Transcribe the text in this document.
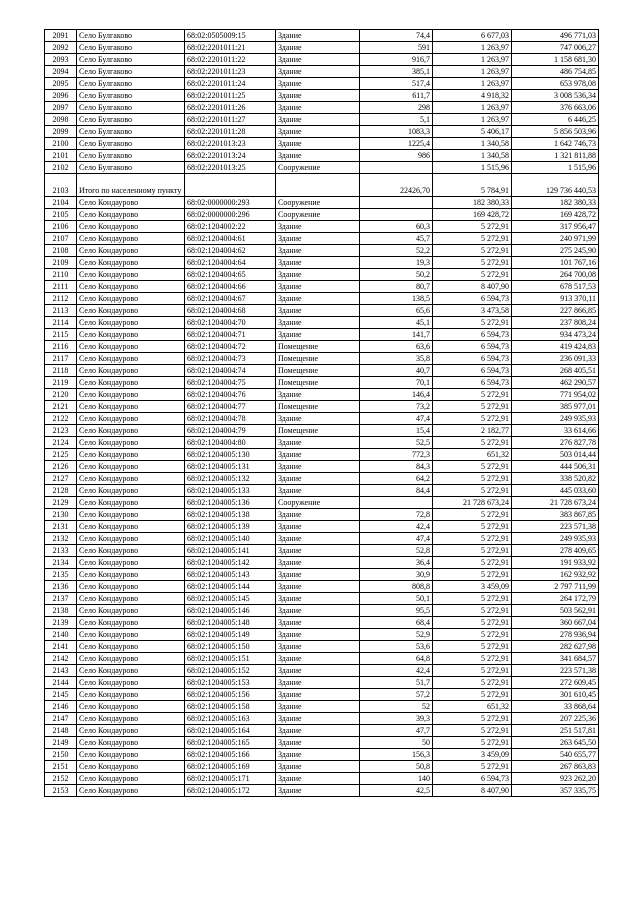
2091	Село Булгаково	68:02:0505009:15	Здание	74,4	6 677,03	496 771,03
2092	Село Булгаково	68:02:2201011:21	Здание	591	1 263,97	747 006,27
2093	Село Булгаково	68:02:2201011:22	Здание	916,7	1 263,97	1 158 681,30
2094	Село Булгаково	68:02:2201011:23	Здание	385,1	1 263,97	486 754,85
2095	Село Булгаково	68:02:2201011:24	Здание	517,4	1 263,97	653 978,08
2096	Село Булгаково	68:02:2201011:25	Здание	611,7	4 918,32	3 008 536,34
2097	Село Булгаково	68:02:2201011:26	Здание	298	1 263,97	376 663,06
2098	Село Булгаково	68:02:2201011:27	Здание	5,1	1 263,97	6 446,25
2099	Село Булгаково	68:02:2201011:28	Здание	1083,3	5 406,17	5 856 503,96
2100	Село Булгаково	68:02:2201013:23	Здание	1225,4	1 340,58	1 642 746,73
2101	Село Булгаково	68:02:2201013:24	Здание	986	1 340,58	1 321 811,88
2102	Село Булгаково	68:02:2201013:25	Сооружение		1 515,96	1 515,96
2103	Итого по населенному пункту			22426,70	5 784,91	129 736 440,53
2104	Село Кондаурово	68:02:0000000:293	Сооружение		182 380,33	182 380,33
2105	Село Кондаурово	68:02:0000000:296	Сооружение		169 428,72	169 428,72
2106	Село Кондаурово	68:02:1204002:22	Здание	60,3	5 272,91	317 956,47
2107	Село Кондаурово	68:02:1204004:61	Здание	45,7	5 272,91	240 971,99
2108	Село Кондаурово	68:02:1204004:62	Здание	52,2	5 272,91	275 245,90
2109	Село Кондаурово	68:02:1204004:64	Здание	19,3	5 272,91	101 767,16
2110	Село Кондаурово	68:02:1204004:65	Здание	50,2	5 272,91	264 700,08
2111	Село Кондаурово	68:02:1204004:66	Здание	80,7	8 407,90	678 517,53
2112	Село Кондаурово	68:02:1204004:67	Здание	138,5	6 594,73	913 370,11
2113	Село Кондаурово	68:02:1204004:68	Здание	65,6	3 473,58	227 866,85
2114	Село Кондаурово	68:02:1204004:70	Здание	45,1	5 272,91	237 808,24
2115	Село Кондаурово	68:02:1204004:71	Здание	141,7	6 594,73	934 473,24
2116	Село Кондаурово	68:02:1204004:72	Помещение	63,6	6 594,73	419 424,83
2117	Село Кондаурово	68:02:1204004:73	Помещение	35,8	6 594,73	236 091,33
2118	Село Кондаурово	68:02:1204004:74	Помещение	40,7	6 594,73	268 405,51
2119	Село Кондаурово	68:02:1204004:75	Помещение	70,1	6 594,73	462 290,57
2120	Село Кондаурово	68:02:1204004:76	Здание	146,4	5 272,91	771 954,02
2121	Село Кондаурово	68:02:1204004:77	Помещение	73,2	5 272,91	385 977,01
2122	Село Кондаурово	68:02:1204004:78	Здание	47,4	5 272,91	249 935,93
2123	Село Кондаурово	68:02:1204004:79	Помещение	15,4	2 182,77	33 614,66
2124	Село Кондаурово	68:02:1204004:80	Здание	52,5	5 272,91	276 827,78
2125	Село Кондаурово	68:02:1204005:130	Здание	772,3	651,32	503 014,44
2126	Село Кондаурово	68:02:1204005:131	Здание	84,3	5 272,91	444 506,31
2127	Село Кондаурово	68:02:1204005:132	Здание	64,2	5 272,91	338 520,82
2128	Село Кондаурово	68:02:1204005:133	Здание	84,4	5 272,91	445 033,60
2129	Село Кондаурово	68:02:1204005:136	Сооружение		21 728 673,24	21 728 673,24
2130	Село Кондаурово	68:02:1204005:138	Здание	72,8	5 272,91	383 867,85
2131	Село Кондаурово	68:02:1204005:139	Здание	42,4	5 272,91	223 571,38
2132	Село Кондаурово	68:02:1204005:140	Здание	47,4	5 272,91	249 935,93
2133	Село Кондаурово	68:02:1204005:141	Здание	52,8	5 272,91	278 409,65
2134	Село Кондаурово	68:02:1204005:142	Здание	36,4	5 272,91	191 933,92
2135	Село Кондаурово	68:02:1204005:143	Здание	30,9	5 272,91	162 932,92
2136	Село Кондаурово	68:02:1204005:144	Здание	808,8	3 459,09	2 797 711,99
2137	Село Кондаурово	68:02:1204005:145	Здание	50,1	5 272,91	264 172,79
2138	Село Кондаурово	68:02:1204005:146	Здание	95,5	5 272,91	503 562,91
2139	Село Кондаурово	68:02:1204005:148	Здание	68,4	5 272,91	360 667,04
2140	Село Кондаурово	68:02:1204005:149	Здание	52,9	5 272,91	278 936,94
2141	Село Кондаурово	68:02:1204005:150	Здание	53,6	5 272,91	282 627,98
2142	Село Кондаурово	68:02:1204005:151	Здание	64,8	5 272,91	341 684,57
2143	Село Кондаурово	68:02:1204005:152	Здание	42,4	5 272,91	223 571,38
2144	Село Кондаурово	68:02:1204005:153	Здание	51,7	5 272,91	272 609,45
2145	Село Кондаурово	68:02:1204005:156	Здание	57,2	5 272,91	301 610,45
2146	Село Кондаурово	68:02:1204005:158	Здание	52	651,32	33 868,64
2147	Село Кондаурово	68:02:1204005:163	Здание	39,3	5 272,91	207 225,36
2148	Село Кондаурово	68:02:1204005:164	Здание	47,7	5 272,91	251 517,81
2149	Село Кондаурово	68:02:1204005:165	Здание	50	5 272,91	263 645,50
2150	Село Кондаурово	68:02:1204005:166	Здание	156,3	3 459,09	540 655,77
2151	Село Кондаурово	68:02:1204005:169	Здание	50,8	5 272,91	267 863,83
2152	Село Кондаурово	68:02:1204005:171	Здание	140	6 594,73	923 262,20
2153	Село Кондаурово	68:02:1204005:172	Здание	42,5	8 407,90	357 335,75
